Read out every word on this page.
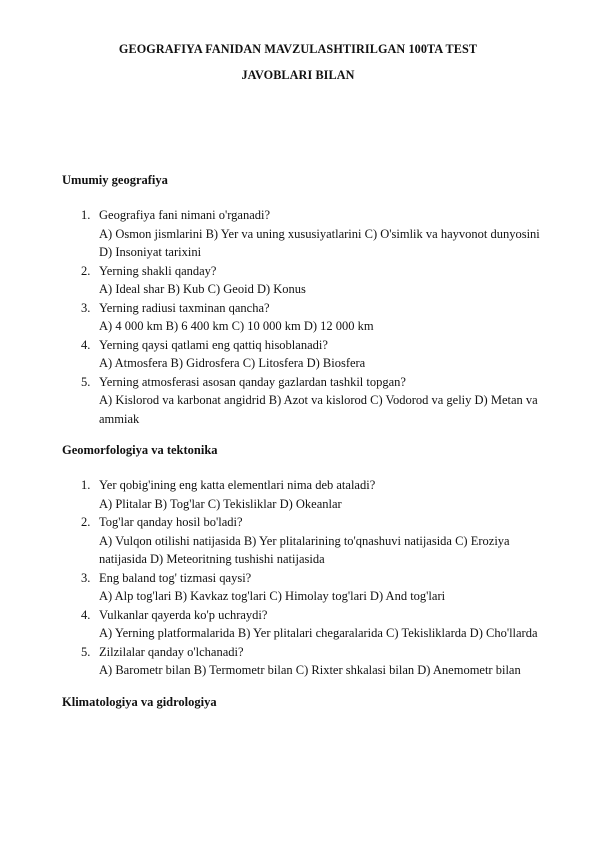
GEOGRAFIYA FANIDAN MAVZULASHTIRILGAN 100TA TEST
JAVOBLARI BILAN

Umumiy geografiya

1. Geografiya fani nimani o'rganadi?
A) Osmon jismlarini B) Yer va uning xususiyatlarini C) O'simlik va hayvonot dunyosini D) Insoniyat tarixini
2. Yerning shakli qanday?
A) Ideal shar B) Kub C) Geoid D) Konus
3. Yerning radiusi taxminan qancha?
A) 4 000 km B) 6 400 km C) 10 000 km D) 12 000 km
4. Yerning qaysi qatlami eng qattiq hisoblanadi?
A) Atmosfera B) Gidrosfera C) Litosfera D) Biosfera
5. Yerning atmosferasi asosan qanday gazlardan tashkil topgan?
A) Kislorod va karbonat angidrid B) Azot va kislorod C) Vodorod va geliy D) Metan va ammiak

Geomorfologiya va tektonika

1. Yer qobig'ining eng katta elementlari nima deb ataladi?
A) Plitalar B) Tog'lar C) Tekisliklar D) Okeanlar
2. Tog'lar qanday hosil bo'ladi?
A) Vulqon otilishi natijasida B) Yer plitalarining to'qnashuvi natijasida C) Eroziya natijasida D) Meteoritning tushishi natijasida
3. Eng baland tog' tizmasi qaysi?
A) Alp tog'lari B) Kavkaz tog'lari C) Himolay tog'lari D) And tog'lari
4. Vulkanlar qayerda ko'p uchraydi?
A) Yerning platformalarida B) Yer plitalari chegaralarida C) Tekisliklarda D) Cho'llarda
5. Zilzilalar qanday o'lchanadi?
A) Barometr bilan B) Termometr bilan C) Rixter shkalasi bilan D) Anemometr bilan

Klimatologiya va gidrologiya
